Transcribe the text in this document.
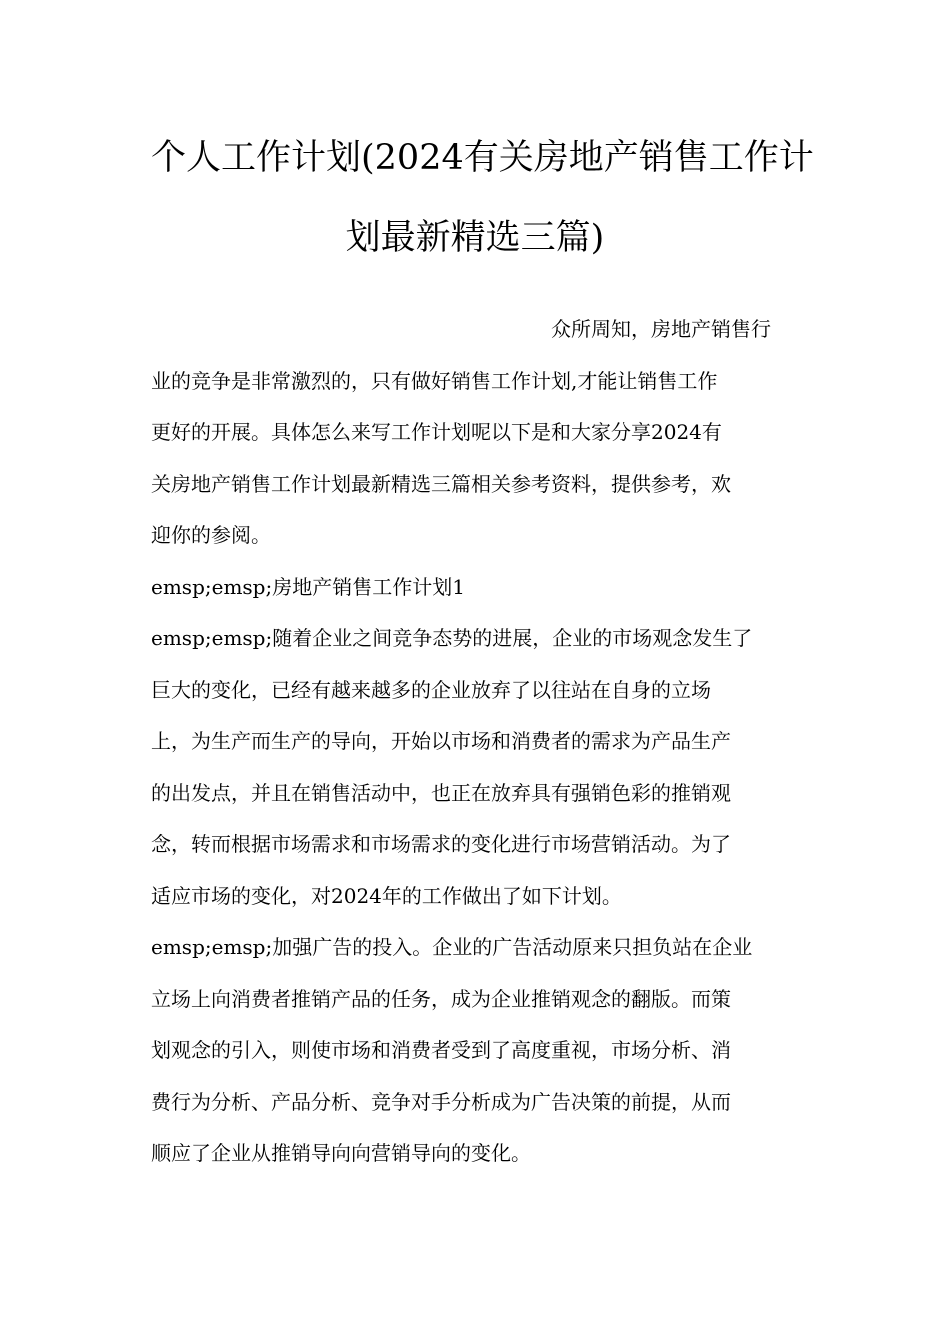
个人工作计划(2024有关房地产销售工作计
划最新精选三篇)
众所周知，房地产销售行
业的竞争是非常激烈的，只有做好销售工作计划,才能让销售工作
更好的开展。具体怎么来写工作计划呢以下是和大家分享2024有
关房地产销售工作计划最新精选三篇相关参考资料，提供参考，欢
迎你的参阅。
emsp;emsp;房地产销售工作计划1
emsp;emsp;随着企业之间竞争态势的进展，企业的市场观念发生了
巨大的变化，已经有越来越多的企业放弃了以往站在自身的立场
上，为生产而生产的导向，开始以市场和消费者的需求为产品生产
的出发点，并且在销售活动中，也正在放弃具有强销色彩的推销观
念，转而根据市场需求和市场需求的变化进行市场营销活动。为了
适应市场的变化，对2024年的工作做出了如下计划。
emsp;emsp;加强广告的投入。企业的广告活动原来只担负站在企业
立场上向消费者推销产品的任务，成为企业推销观念的翻版。而策
划观念的引入，则使市场和消费者受到了高度重视，市场分析、消
费行为分析、产品分析、竞争对手分析成为广告决策的前提，从而
顺应了企业从推销导向向营销导向的变化。
